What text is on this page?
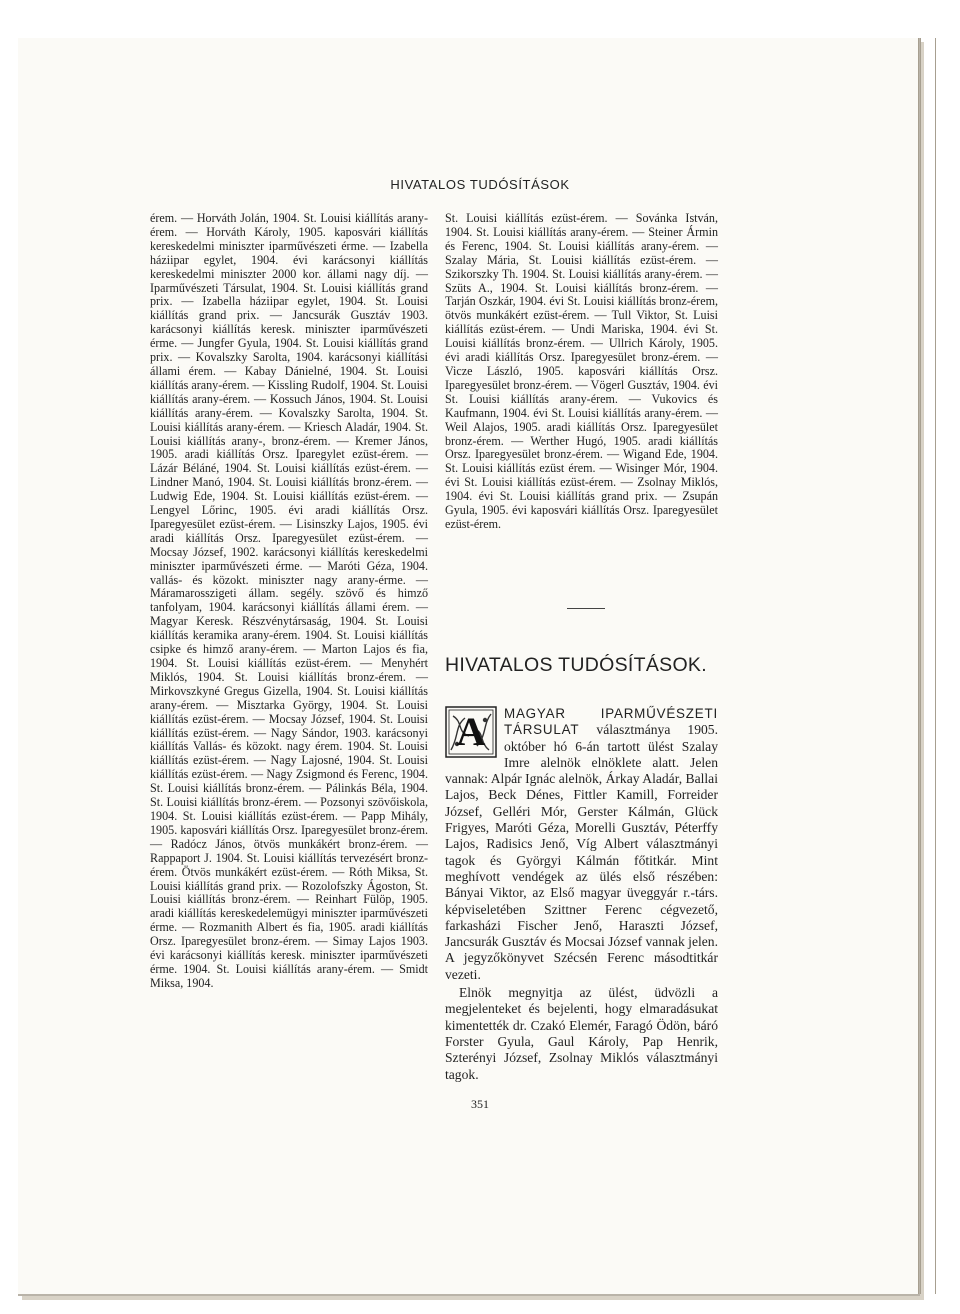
HIVATALOS TUDÓSÍTÁSOK

érem. — Horváth Jolán, 1904. St. Louisi kiállítás arany-érem. — Horváth Károly, 1905. kaposvári kiállítás kereskedelmi miniszter iparművészeti érme. — Izabella háziipar egylet, 1904. évi karácsonyi kiállítás kereskedelmi miniszter 2000 kor. állami nagy díj. — Iparművészeti Társulat, 1904. St. Louisi kiállítás grand prix. — Izabella háziipar egylet, 1904. St. Louisi kiállítás grand prix. — Jancsurák Gusztáv 1903. karácsonyi kiállítás keresk. miniszter iparművészeti érme. — Jungfer Gyula, 1904. St. Louisi kiállítás grand prix. — Kovalszky Sarolta, 1904. karácsonyi kiállítási állami érem. — Kabay Dánielné, 1904. St. Louisi kiállítás arany-érem. — Kissling Rudolf, 1904. St. Louisi kiállítás arany-érem. — Kossuch János, 1904. St. Louisi kiállítás arany-érem. — Kovalszky Sarolta, 1904. St. Louisi kiállítás arany-érem. — Kriesch Aladár, 1904. St. Louisi kiállítás arany-, bronz-érem. — Kremer János, 1905. aradi kiállítás Orsz. Iparegylet ezüst-érem. — Lázár Béláné, 1904. St. Louisi kiállítás ezüst-érem. — Lindner Manó, 1904. St. Louisi kiállítás bronz-érem. — Ludwig Ede, 1904. St. Louisi kiállítás ezüst-érem. — Lengyel Lőrinc, 1905. évi aradi kiállítás Orsz. Iparegyesület ezüst-érem. — Lisinszky Lajos, 1905. évi aradi kiállítás Orsz. Iparegyesület ezüst-érem. — Mocsay József, 1902. karácsonyi kiállítás kereskedelmi miniszter iparművészeti érme. — Maróti Géza, 1904. vallás- és közokt. miniszter nagy arany-érme. — Máramarosszigeti állam. segély. szövő és himző tanfolyam, 1904. karácsonyi kiállítás állami érem. — Magyar Keresk. Részvénytársaság, 1904. St. Louisi kiállítás keramika arany-érem. 1904. St. Louisi kiállítás csipke és himző arany-érem. — Marton Lajos és fia, 1904. St. Louisi kiállítás ezüst-érem. — Menyhért Miklós, 1904. St. Louisi kiállítás bronz-érem. — Mirkovszkyné Gregus Gizella, 1904. St. Louisi kiállítás arany-érem. — Misztarka György, 1904. St. Louisi kiállítás ezüst-érem. — Mocsay József, 1904. St. Louisi kiállítás ezüst-érem. — Nagy Sándor, 1903. karácsonyi kiállítás Vallás- és közokt. nagy érem. 1904. St. Louisi kiállítás ezüst-érem. — Nagy Lajosné, 1904. St. Louisi kiállítás ezüst-érem. — Nagy Zsigmond és Ferenc, 1904. St. Louisi kiállítás bronz-érem. — Pálinkás Béla, 1904. St. Louisi kiállítás bronz-érem. — Pozsonyi szövőiskola, 1904. St. Louisi kiállítás ezüst-érem. — Papp Mihály, 1905. kaposvári kiállítás Orsz. Iparegyesület bronz-érem. — Radócz János, ötvös munkákért bronz-érem. — Rappaport J. 1904. St. Louisi kiállítás tervezésért bronz-érem. Ötvös munkákért ezüst-érem. — Róth Miksa, St. Louisi kiállítás grand prix. — Rozolofszky Ágoston, St. Louisi kiállítás bronz-érem. — Reinhart Fülöp, 1905. aradi kiállítás kereskedelemügyi miniszter iparművészeti érme. — Rozmanith Albert és fia, 1905. aradi kiállítás Orsz. Iparegyesület bronz-érem. — Simay Lajos 1903. évi karácsonyi kiállítás keresk. miniszter iparművészeti érme. 1904. St. Louisi kiállítás arany-érem. — Smidt Miksa, 1904.

St. Louisi kiállítás ezüst-érem. — Sovánka István, 1904. St. Louisi kiállítás arany-érem. — Steiner Ármin és Ferenc, 1904. St. Louisi kiállítás arany-érem. — Szalay Mária, St. Louisi kiállítás ezüst-érem. — Szikorszky Th. 1904. St. Louisi kiállítás arany-érem. — Szüts A., 1904. St. Louisi kiállítás bronz-érem. — Tarján Oszkár, 1904. évi St. Louisi kiállítás bronz-érem, ötvös munkákért ezüst-érem. — Tull Viktor, St. Luisi kiállítás ezüst-érem. — Undi Mariska, 1904. évi St. Louisi kiállítás bronz-érem. — Ullrich Károly, 1905. évi aradi kiállítás Orsz. Iparegyesület bronz-érem. — Vicze László, 1905. kaposvári kiállítás Orsz. Iparegyesület bronz-érem. — Vögerl Gusztáv, 1904. évi St. Louisi kiállítás arany-érem. — Vukovics és Kaufmann, 1904. évi St. Louisi kiállítás arany-érem. — Weil Alajos, 1905. aradi kiállítás Orsz. Iparegyesület bronz-érem. — Werther Hugó, 1905. aradi kiállítás Orsz. Iparegyesület bronz-érem. — Wigand Ede, 1904. St. Louisi kiállítás ezüst érem. — Wisinger Mór, 1904. évi St. Louisi kiállítás ezüst-érem. — Zsolnay Miklós, 1904. évi St. Louisi kiállítás grand prix. — Zsupán Gyula, 1905. évi kaposvári kiállítás Orsz. Iparegyesület ezüst-érem.

HIVATALOS TUDÓSÍTÁSOK.
A	MAGYAR IPARMŰVÉSZETI TÁRSULAT választmánya 1905. október hó 6-án tartott ülést Szalay Imre alelnök elnöklete alatt. Jelen vannak: Alpár Ignác alelnök, Árkay Aladár, Ballai Lajos, Beck Dénes, Fittler Kamill, Forreider József, Gelléri Mór, Gerster Kálmán, Glück Frigyes, Maróti Géza, Morelli Gusztáv, Péterffy Lajos, Radisics Jenő, Víg Albert választmányi tagok és Györgyi Kálmán főtitkár. Mint meghívott vendégek az ülés első részében: Bányai Viktor, az Első magyar üveggyár r.-társ. képviseletében Szittner Ferenc cégvezető, farkasházi Fischer Jenő, Haraszti József, Jancsurák Gusztáv és Mocsai József vannak jelen. A jegyzőkönyvet Szécsén Ferenc másodtitkár vezeti.

Elnök megnyitja az ülést, üdvözli a megjelenteket és bejelenti, hogy elmaradásukat kimentették dr. Czakó Elemér, Faragó Ödön, báró Forster Gyula, Gaul Károly, Pap Henrik, Szterényi József, Zsolnay Miklós választmányi tagok.

351
